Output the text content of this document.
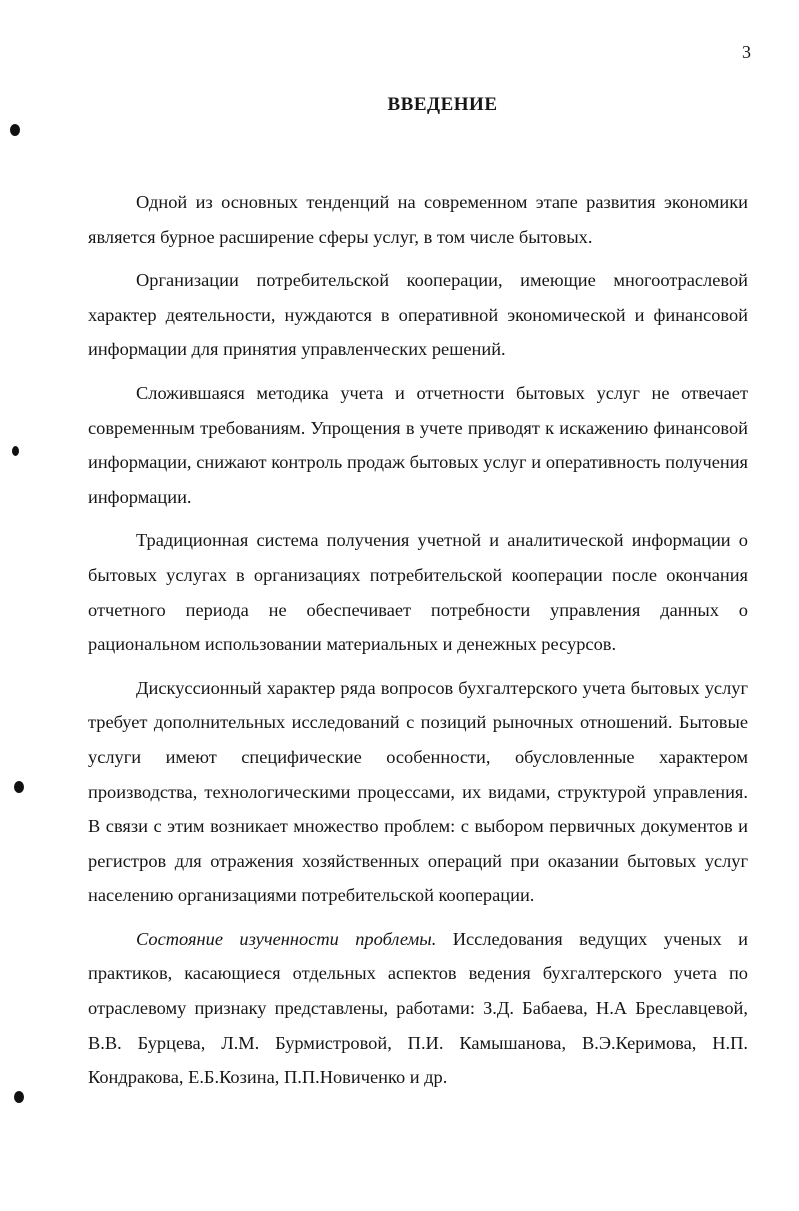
3
ВВЕДЕНИЕ

Одной из основных тенденций на современном этапе развития экономики является бурное расширение сферы услуг, в том числе бытовых.

Организации потребительской кооперации, имеющие многоотраслевой характер деятельности, нуждаются в оперативной экономической и финансовой информации для принятия управленческих решений.

Сложившаяся методика учета и отчетности бытовых услуг не отвечает современным требованиям. Упрощения в учете приводят к искажению финансовой информации, снижают контроль продаж бытовых услуг и оперативность получения информации.

Традиционная система получения учетной и аналитической информации о бытовых услугах в организациях потребительской кооперации после окончания отчетного периода не обеспечивает потребности управления данных о рациональном использовании материальных и денежных ресурсов.

Дискуссионный характер ряда вопросов бухгалтерского учета бытовых услуг требует дополнительных исследований с позиций рыночных отношений. Бытовые услуги имеют специфические особенности, обусловленные характером производства, технологическими процессами, их видами, структурой управления. В связи с этим возникает множество проблем: с выбором первичных документов и регистров для отражения хозяйственных операций при оказании бытовых услуг населению организациями потребительской кооперации.

Состояние изученности проблемы. Исследования ведущих ученых и практиков, касающиеся отдельных аспектов ведения бухгалтерского учета по отраслевому признаку представлены, работами: З.Д. Бабаева, Н.А Бреславцевой, В.В. Бурцева, Л.М. Бурмистровой, П.И. Камышанова, В.Э.Керимова, Н.П. Кондракова, Е.Б.Козина, П.П.Новиченко и др.
